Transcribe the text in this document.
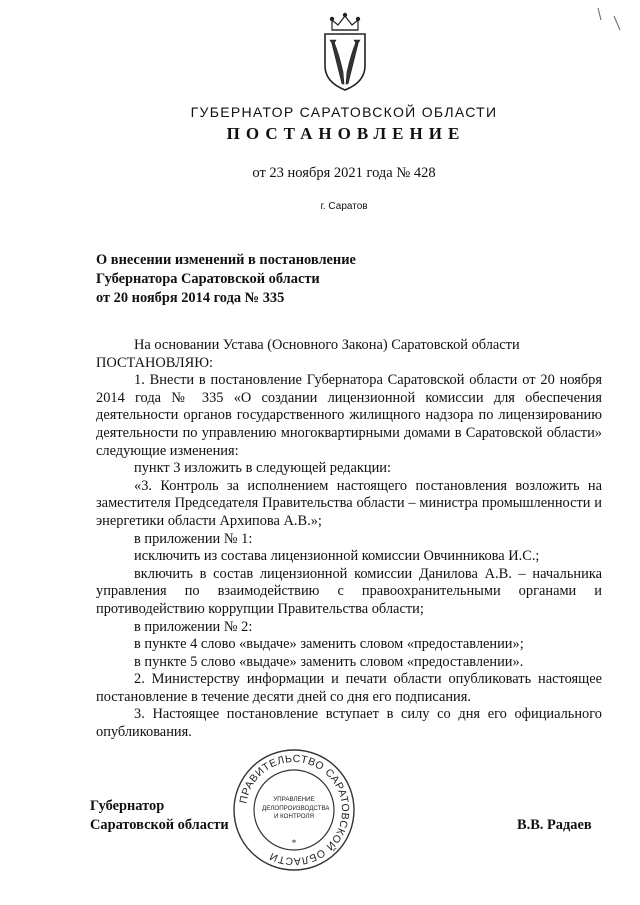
ГУБЕРНАТОР САРАТОВСКОЙ ОБЛАСТИ
ПОСТАНОВЛЕНИЕ
от 23 ноября 2021 года № 428
г. Саратов
О внесении изменений в постановление
Губернатора Саратовской области
от 20 ноября 2014 года № 335

На основании Устава (Основного Закона) Саратовской области

ПОСТАНОВЛЯЮ:

1. Внести в постановление Губернатора Саратовской области от 20 ноября 2014 года № 335 «О создании лицензионной комиссии для обеспечения деятельности органов государственного жилищного надзора по лицензированию деятельности по управлению многоквартирными домами в Саратовской области» следующие изменения:

пункт 3 изложить в следующей редакции:

«3. Контроль за исполнением настоящего постановления возложить на заместителя Председателя Правительства области – министра промышленности и энергетики области Архипова А.В.»;

в приложении № 1:

исключить из состава лицензионной комиссии Овчинникова И.С.;

включить в состав лицензионной комиссии Данилова А.В. – начальника управления по взаимодействию с правоохранительными органами и противодействию коррупции Правительства области;

в приложении № 2:

в пункте 4 слово «выдаче» заменить словом «предоставлении»;

в пункте 5 слово «выдаче» заменить словом «предоставлении».

2. Министерству информации и печати области опубликовать настоящее постановление в течение десяти дней со дня его подписания.

3. Настоящее постановление вступает в силу со дня его официального опубликования.

ПРАВИТЕЛЬСТВО САРАТОВСКОЙ ОБЛАСТИ
*
УПРАВЛЕНИЕ
ДЕЛОПРОИЗВОДСТВА
И КОНТРОЛЯ
Губернатор
Саратовской области	В.В. Радаев
